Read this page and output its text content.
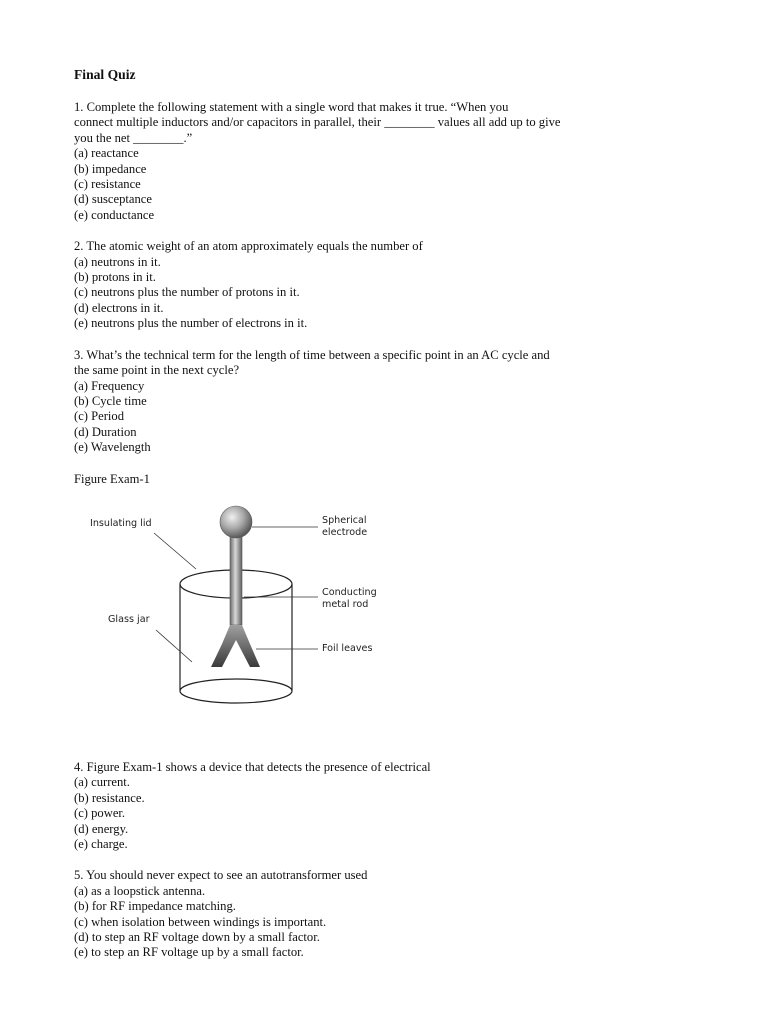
Final Quiz
1. Complete the following statement with a single word that makes it true. “When you
connect multiple inductors and/or capacitors in parallel, their ________ values all add up to give
you the net ________.”
(a) reactance
(b) impedance
(c) resistance
(d) susceptance
(e) conductance
2. The atomic weight of an atom approximately equals the number of
(a) neutrons in it.
(b) protons in it.
(c) neutrons plus the number of protons in it.
(d) electrons in it.
(e) neutrons plus the number of electrons in it.
3. What’s the technical term for the length of time between a specific point in an AC cycle and
the same point in the next cycle?
(a) Frequency
(b) Cycle time
(c) Period
(d) Duration
(e) Wavelength
Figure Exam-1
Insulating lid	Spherical
electrode
Conducting
metal rod
Glass jar
Foil leaves
4. Figure Exam-1 shows a device that detects the presence of electrical
(a) current.
(b) resistance.
(c) power.
(d) energy.
(e) charge.
5. You should never expect to see an autotransformer used
(a) as a loopstick antenna.
(b) for RF impedance matching.
(c) when isolation between windings is important.
(d) to step an RF voltage down by a small factor.
(e) to step an RF voltage up by a small factor.
